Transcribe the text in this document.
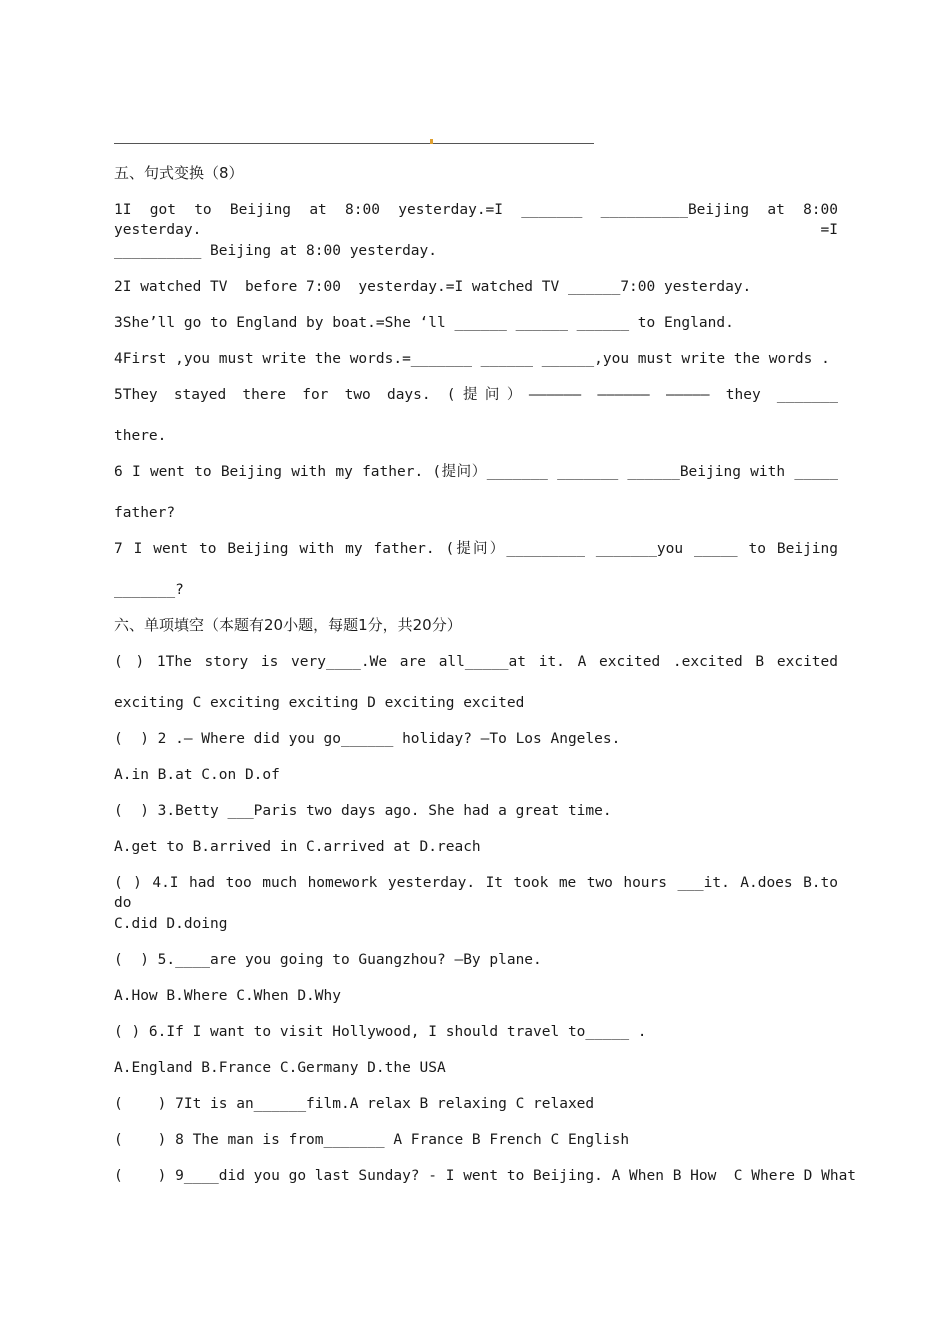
五、句式变换（8）
1I got to Beijing at 8:00 yesterday.=I _______ __________Beijing at 8:00 yesterday. =I
__________ Beijing at 8:00 yesterday.
2I watched TV  before 7:00  yesterday.=I watched TV ______7:00 yesterday.
3She’ll go to England by boat.=She ‘ll ______ ______ ______ to England.
4First ,you must write the words.=_______ ______ ______,you must write the words .
5They stayed there for two days. (提问）—————— —————— ————— they _______
there.
6 I went to Beijing with my father. (提问）_______ _______ ______Beijing with _____
father?
7 I went to Beijing with my father. (提问）_________ _______you _____ to Beijing
_______?
六、单项填空（本题有20小题，每题1分，共20分）
( ) 1The story is very____.We are all_____at it. A excited .excited B excited
exciting C exciting exciting D exciting excited
(  ) 2 .— Where did you go______ holiday? —To Los Angeles.
A.in B.at C.on D.of
(  ) 3.Betty ___Paris two days ago. She had a great time.
A.get to B.arrived in C.arrived at D.reach
( ) 4.I had too much homework yesterday. It took me two hours ___it. A.does B.to do
C.did D.doing
(  ) 5.____are you going to Guangzhou? —By plane.
A.How B.Where C.When D.Why
( ) 6.If I want to visit Hollywood, I should travel to_____ .
A.England B.France C.Germany D.the USA
(    ) 7It is an______film.A relax B relaxing C relaxed
(    ) 8 The man is from_______ A France B French C English
(    ) 9____did you go last Sunday? - I went to Beijing. A When B How  C Where D What
